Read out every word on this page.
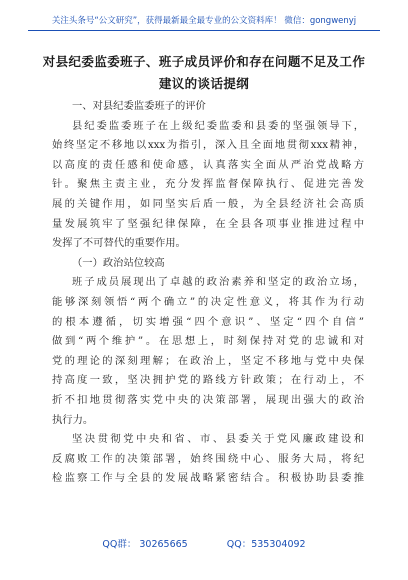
关注头条号“公文研究”，获得最新最全最专业的公文资料库！ 微信：gongwenyj
对县纪委监委班子、班子成员评价和存在问题不足及工作
建议的谈话提纲
一、对县纪委监委班子的评价
县纪委监委班子在上级纪委监委和县委的坚强领导下，
始终坚定不移地以xxx为指引，深入且全面地贯彻xxx精神，
以高度的责任感和使命感，认真落实全面从严治党战略方
针。聚焦主责主业，充分发挥监督保障执行、促进完善发
展的关键作用，如同坚实后盾一般，为全县经济社会高质
量发展筑牢了坚强纪律保障，在全县各项事业推进过程中
发挥了不可替代的重要作用。
（一）政治站位较高
班子成员展现出了卓越的政治素养和坚定的政治立场，
能够深刻领悟“两个确立”的决定性意义，将其作为行动
的根本遵循，切实增强“四个意识”、坚定“四个自信”
做到“两个维护”。在思想上，时刻保持对党的忠诚和对
党的理论的深刻理解；在政治上，坚定不移地与党中央保
持高度一致，坚决拥护党的路线方针政策；在行动上，不
折不扣地贯彻落实党中央的决策部署，展现出强大的政治
执行力。
坚决贯彻党中央和省、市、县委关于党风廉政建设和
反腐败工作的决策部署，始终围绕中心、服务大局，将纪
检监察工作与全县的发展战略紧密结合。积极协助县委推
QQ群： 30265665	QQ：535304092
